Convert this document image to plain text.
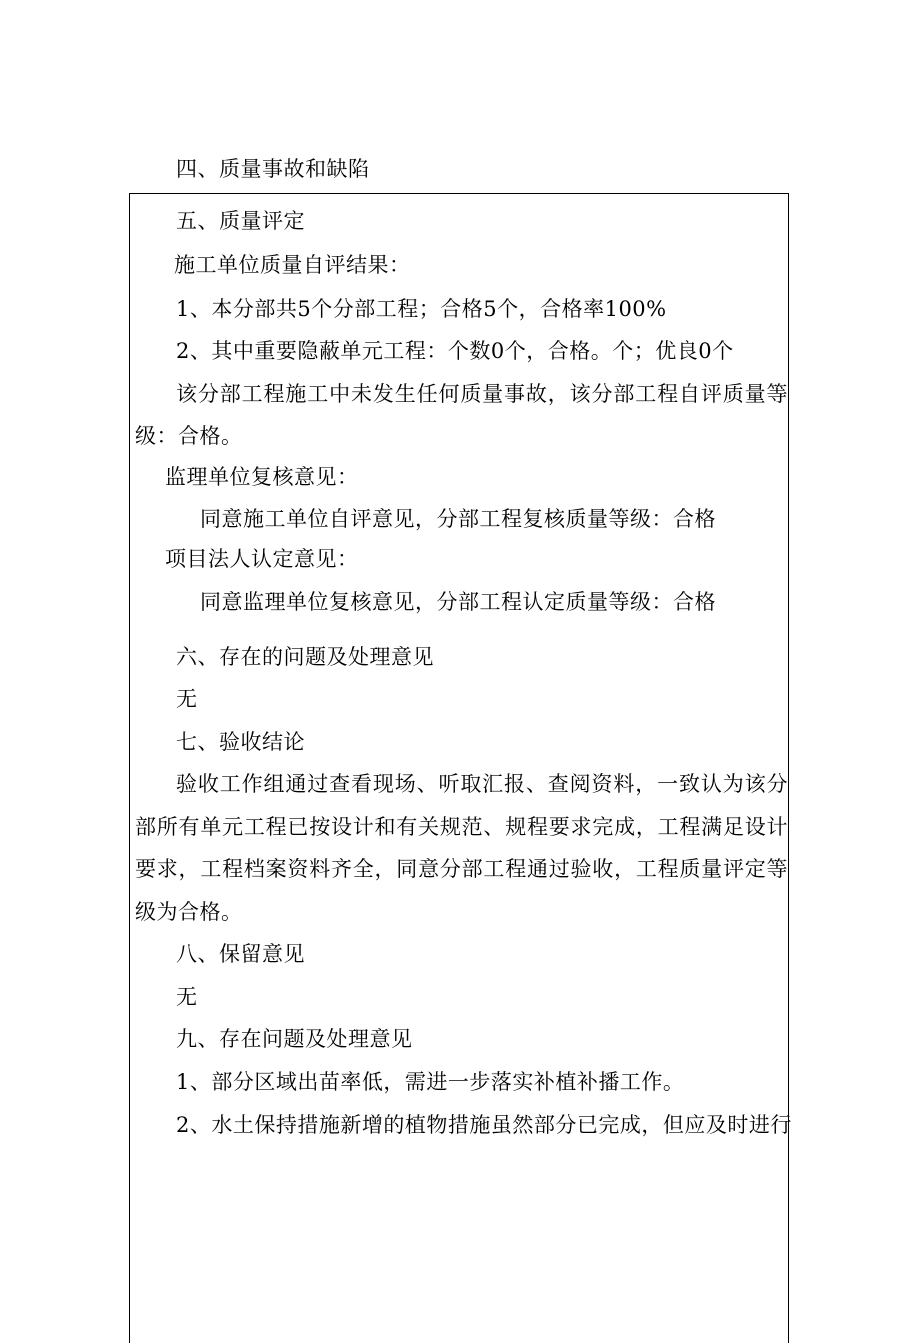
四、质量事故和缺陷
五、质量评定
施工单位质量自评结果：
1、本分部共5个分部工程；合格5个，合格率100%
2、其中重要隐蔽单元工程：个数0个，合格。个；优良0个
该分部工程施工中未发生任何质量事故，该分部工程自评质量等
级：合格。
监理单位复核意见：
同意施工单位自评意见，分部工程复核质量等级：合格
项目法人认定意见：
同意监理单位复核意见，分部工程认定质量等级：合格
六、存在的问题及处理意见
无
七、验收结论
验收工作组通过查看现场、听取汇报、查阅资料，一致认为该分
部所有单元工程已按设计和有关规范、规程要求完成，工程满足设计
要求，工程档案资料齐全，同意分部工程通过验收，工程质量评定等
级为合格。
八、保留意见
无
九、存在问题及处理意见
1、部分区域出苗率低，需进一步落实补植补播工作。
2、水土保持措施新增的植物措施虽然部分已完成，但应及时进行
